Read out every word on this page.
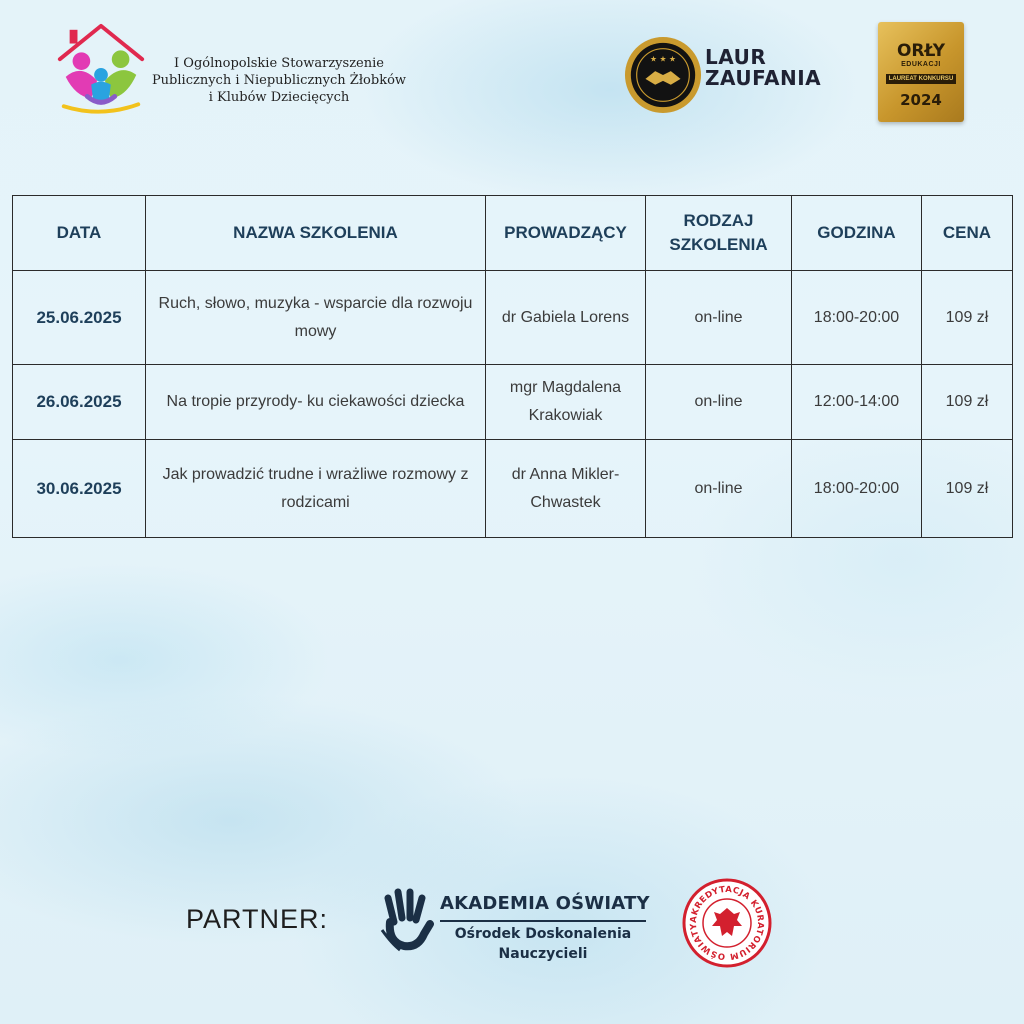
I Ogólnopolskie Stowarzyszenie
Publicznych i Niepublicznych Żłobków
i Klubów Dziecięcych
★ ★ ★ LAUR
ZAUFANIA
ORŁY
EDUKACJI
LAUREAT KONKURSU
2024
DATA	NAZWA SZKOLENIA	PROWADZĄCY	RODZAJ SZKOLENIA	GODZINA	CENA
25.06.2025	Ruch, słowo, muzyka - wsparcie dla rozwoju mowy	dr Gabiela Lorens	on-line	18:00-20:00	109 zł
26.06.2025	Na tropie przyrody- ku ciekawości dziecka	mgr Magdalena Krakowiak	on-line	12:00-14:00	109 zł
30.06.2025	Jak prowadzić trudne i wrażliwe rozmowy z rodzicami	dr Anna Mikler-Chwastek	on-line	18:00-20:00	109 zł
PARTNER:
AKADEMIA OŚWIATY
Ośrodek Doskonalenia
Nauczycieli
AKREDYTACJA KURATORIUM OŚWIATY
